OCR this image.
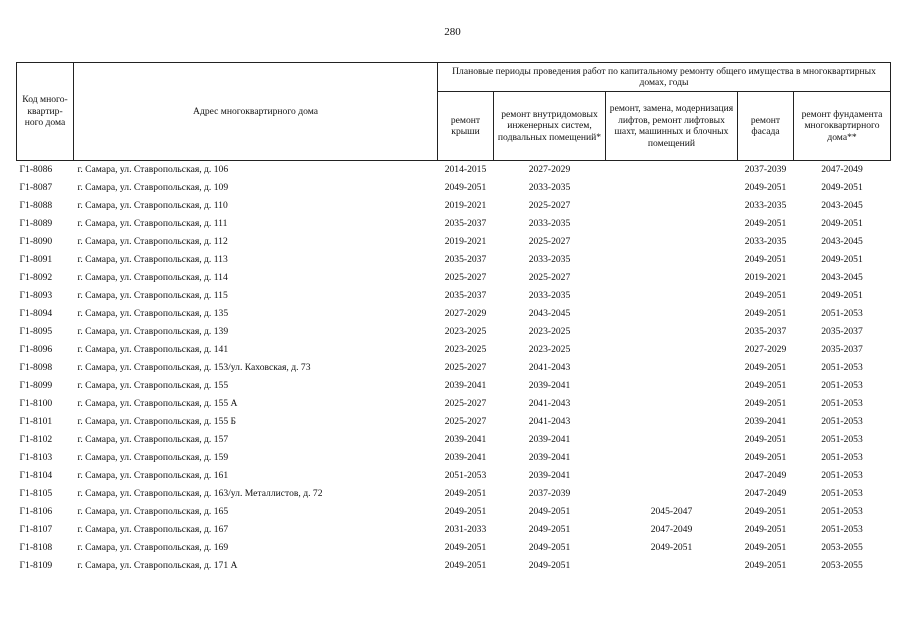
280
Код много-
квартир-
ного дома	Адрес многоквартирного дома	Плановые периоды проведения работ по капитальному ремонту общего имущества в многоквартирных домах, годы				
		ремонт крыши	ремонт внутридомовых инженерных систем, подвальных помещений*	ремонт, замена, модернизация лифтов, ремонт лифтовых шахт, машинных и блочных помещений	ремонт фасада	ремонт фундамента многоквартирного дома**
Г1-8086	г. Самара, ул. Ставропольская, д. 106	2014-2015	2027-2029		2037-2039	2047-2049
Г1-8087	г. Самара, ул. Ставропольская, д. 109	2049-2051	2033-2035		2049-2051	2049-2051
Г1-8088	г. Самара, ул. Ставропольская, д. 110	2019-2021	2025-2027		2033-2035	2043-2045
Г1-8089	г. Самара, ул. Ставропольская, д. 111	2035-2037	2033-2035		2049-2051	2049-2051
Г1-8090	г. Самара, ул. Ставропольская, д. 112	2019-2021	2025-2027		2033-2035	2043-2045
Г1-8091	г. Самара, ул. Ставропольская, д. 113	2035-2037	2033-2035		2049-2051	2049-2051
Г1-8092	г. Самара, ул. Ставропольская, д. 114	2025-2027	2025-2027		2019-2021	2043-2045
Г1-8093	г. Самара, ул. Ставропольская, д. 115	2035-2037	2033-2035		2049-2051	2049-2051
Г1-8094	г. Самара, ул. Ставропольская, д. 135	2027-2029	2043-2045		2049-2051	2051-2053
Г1-8095	г. Самара, ул. Ставропольская, д. 139	2023-2025	2023-2025		2035-2037	2035-2037
Г1-8096	г. Самара, ул. Ставропольская, д. 141	2023-2025	2023-2025		2027-2029	2035-2037
Г1-8098	г. Самара, ул. Ставропольская, д. 153/ул. Каховская, д. 73	2025-2027	2041-2043		2049-2051	2051-2053
Г1-8099	г. Самара, ул. Ставропольская, д. 155	2039-2041	2039-2041		2049-2051	2051-2053
Г1-8100	г. Самара, ул. Ставропольская, д. 155 А	2025-2027	2041-2043		2049-2051	2051-2053
Г1-8101	г. Самара, ул. Ставропольская, д. 155 Б	2025-2027	2041-2043		2039-2041	2051-2053
Г1-8102	г. Самара, ул. Ставропольская, д. 157	2039-2041	2039-2041		2049-2051	2051-2053
Г1-8103	г. Самара, ул. Ставропольская, д. 159	2039-2041	2039-2041		2049-2051	2051-2053
Г1-8104	г. Самара, ул. Ставропольская, д. 161	2051-2053	2039-2041		2047-2049	2051-2053
Г1-8105	г. Самара, ул. Ставропольская, д. 163/ул. Металлистов, д. 72	2049-2051	2037-2039		2047-2049	2051-2053
Г1-8106	г. Самара, ул. Ставропольская, д. 165	2049-2051	2049-2051	2045-2047	2049-2051	2051-2053
Г1-8107	г. Самара, ул. Ставропольская, д. 167	2031-2033	2049-2051	2047-2049	2049-2051	2051-2053
Г1-8108	г. Самара, ул. Ставропольская, д. 169	2049-2051	2049-2051	2049-2051	2049-2051	2053-2055
Г1-8109	г. Самара, ул. Ставропольская, д. 171 А	2049-2051	2049-2051		2049-2051	2053-2055
